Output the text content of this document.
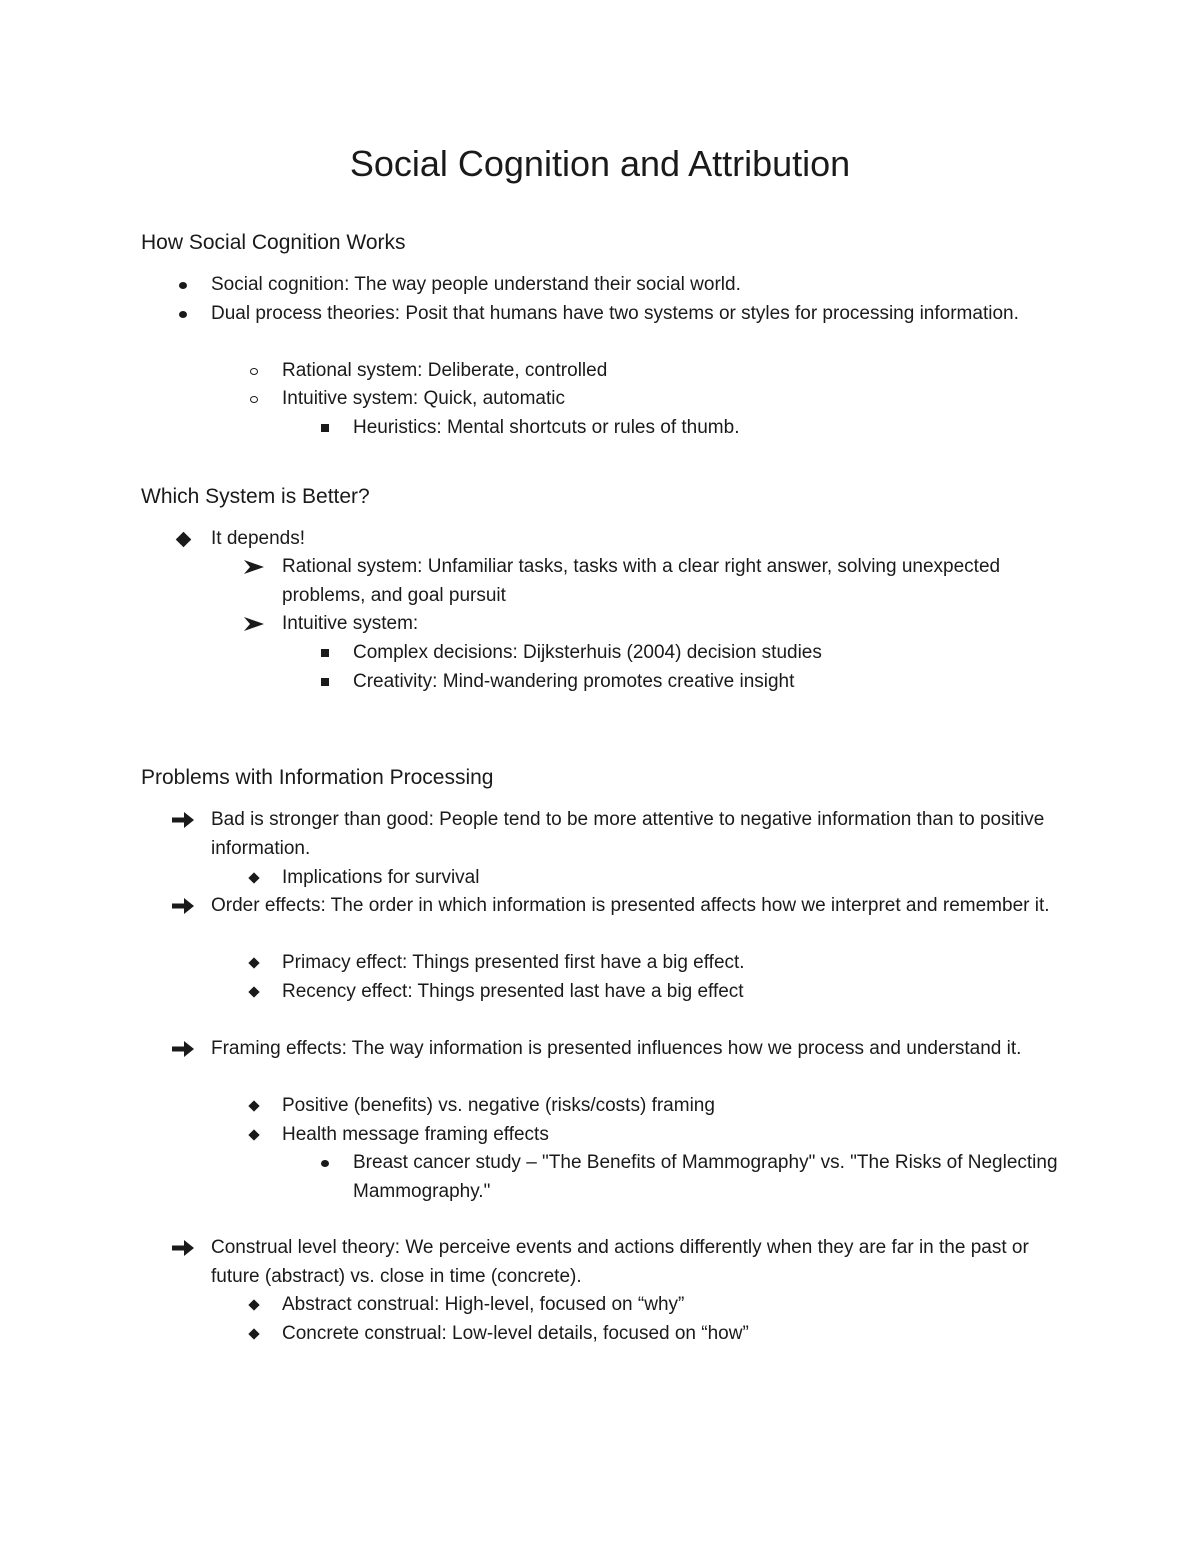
Social Cognition and Attribution
How Social Cognition Works
Social cognition: The way people understand their social world.
Dual process theories: Posit that humans have two systems or styles for processing information.
Rational system: Deliberate, controlled
Intuitive system: Quick, automatic
Heuristics: Mental shortcuts or rules of thumb.
Which System is Better?
It depends!
Rational system: Unfamiliar tasks, tasks with a clear right answer, solving unexpected problems, and goal pursuit
Intuitive system:
Complex decisions: Dijksterhuis (2004) decision studies
Creativity: Mind-wandering promotes creative insight
Problems with Information Processing
Bad is stronger than good: People tend to be more attentive to negative information than to positive information.
Implications for survival
Order effects: The order in which information is presented affects how we interpret and remember it.
Primacy effect: Things presented first have a big effect.
Recency effect: Things presented last have a big effect
Framing effects: The way information is presented influences how we process and understand it.
Positive (benefits) vs. negative (risks/costs) framing
Health message framing effects
Breast cancer study – "The Benefits of Mammography" vs. "The Risks of Neglecting Mammography."
Construal level theory: We perceive events and actions differently when they are far in the past or future (abstract) vs. close in time (concrete).
Abstract construal: High-level, focused on “why”
Concrete construal: Low-level details, focused on “how”
